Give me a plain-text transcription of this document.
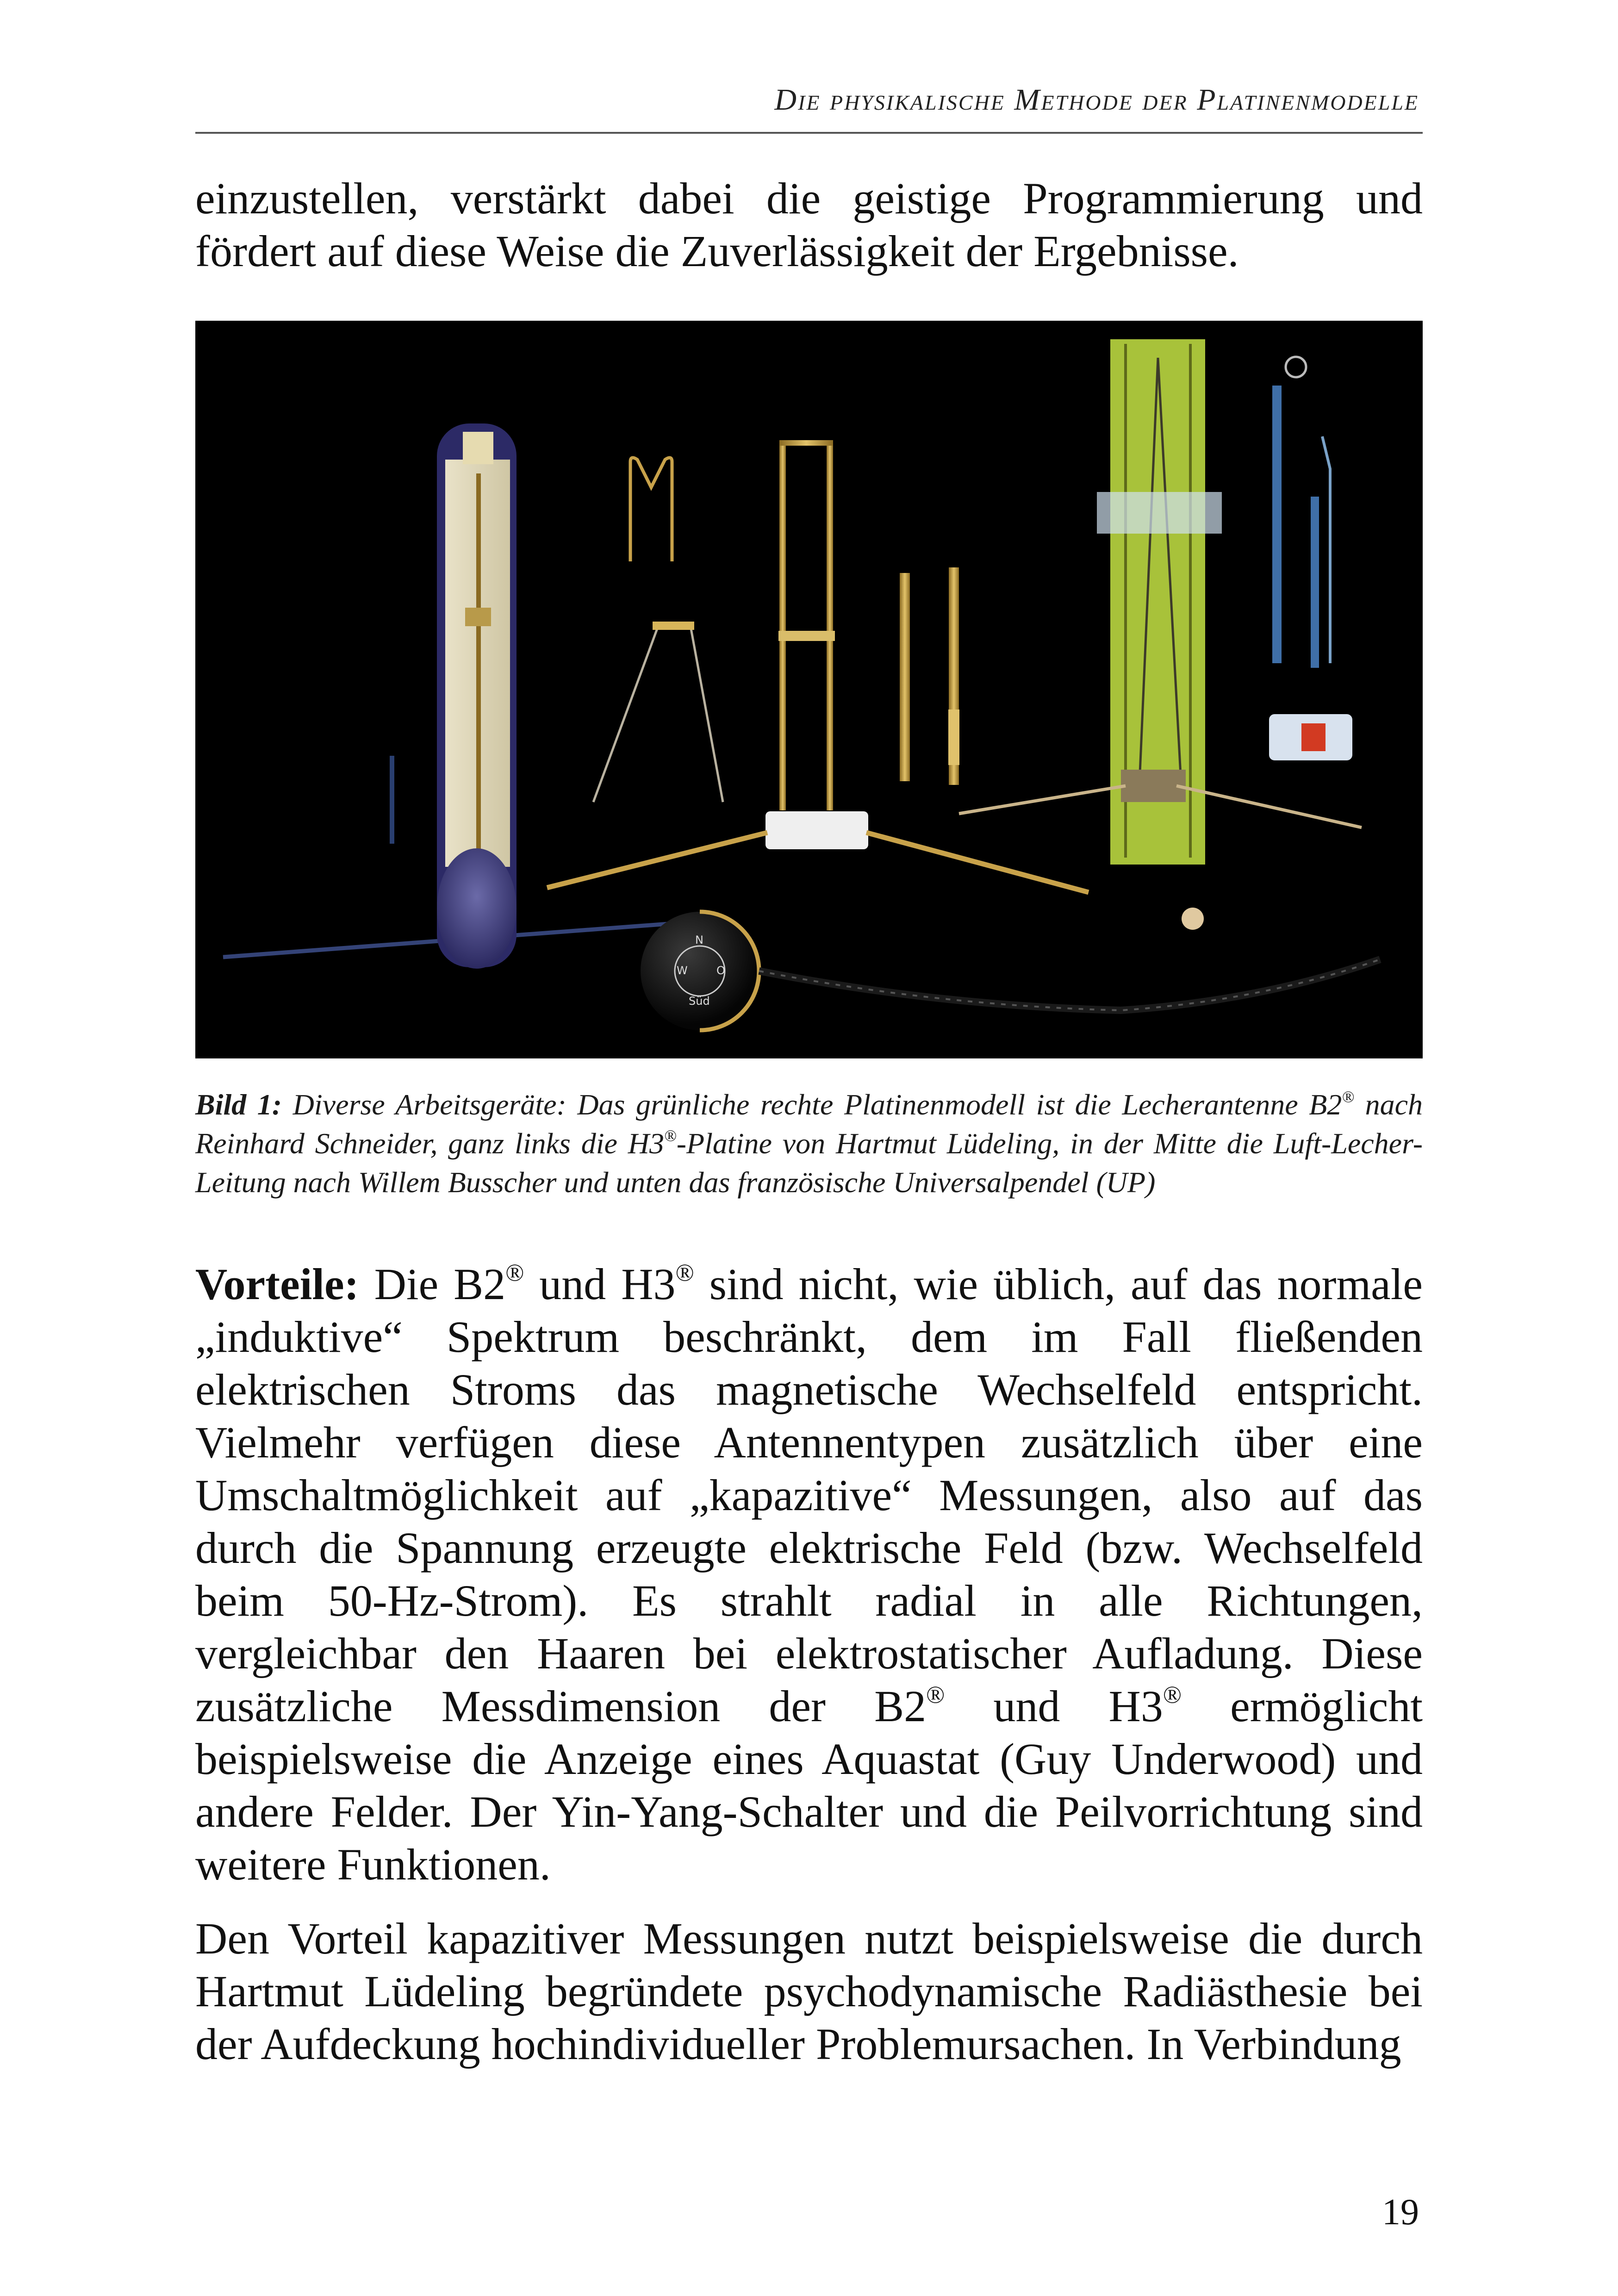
Die physikalische Methode der Platinenmodelle

einzustellen, verstärkt dabei die geistige Programmierung und fördert auf diese Weise die Zuverlässigkeit der Ergebnisse.

N
W	O
Süd

Bild 1: Diverse Arbeitsgeräte: Das grünliche rechte Platinenmodell ist die Lecherantenne B2® nach Reinhard Schneider, ganz links die H3®-Platine von Hartmut Lüdeling, in der Mitte die Luft-Lecher-Leitung nach Willem Busscher und unten das französische Universalpendel (UP)

Vorteile: Die B2® und H3® sind nicht, wie üblich, auf das normale „induktive“ Spektrum beschränkt, dem im Fall fließenden elektrischen Stroms das magnetische Wechselfeld entspricht. Vielmehr verfügen diese Antennentypen zusätzlich über eine Umschaltmöglichkeit auf „kapazitive“ Messungen, also auf das durch die Spannung erzeugte elektrische Feld (bzw. Wechselfeld beim 50-Hz-Strom). Es strahlt radial in alle Richtungen, vergleichbar den Haaren bei elektrostatischer Aufladung. Diese zusätzliche Messdimension der B2® und H3® ermöglicht beispielsweise die Anzeige eines Aquastat (Guy Underwood) und andere Felder. Der Yin-Yang-Schalter und die Peilvorrichtung sind weitere Funktionen.

Den Vorteil kapazitiver Messungen nutzt beispielsweise die durch Hartmut Lüdeling begründete psychodynamische Radiästhesie bei der Aufdeckung hochindividueller Problemursachen. In Verbindung

19
